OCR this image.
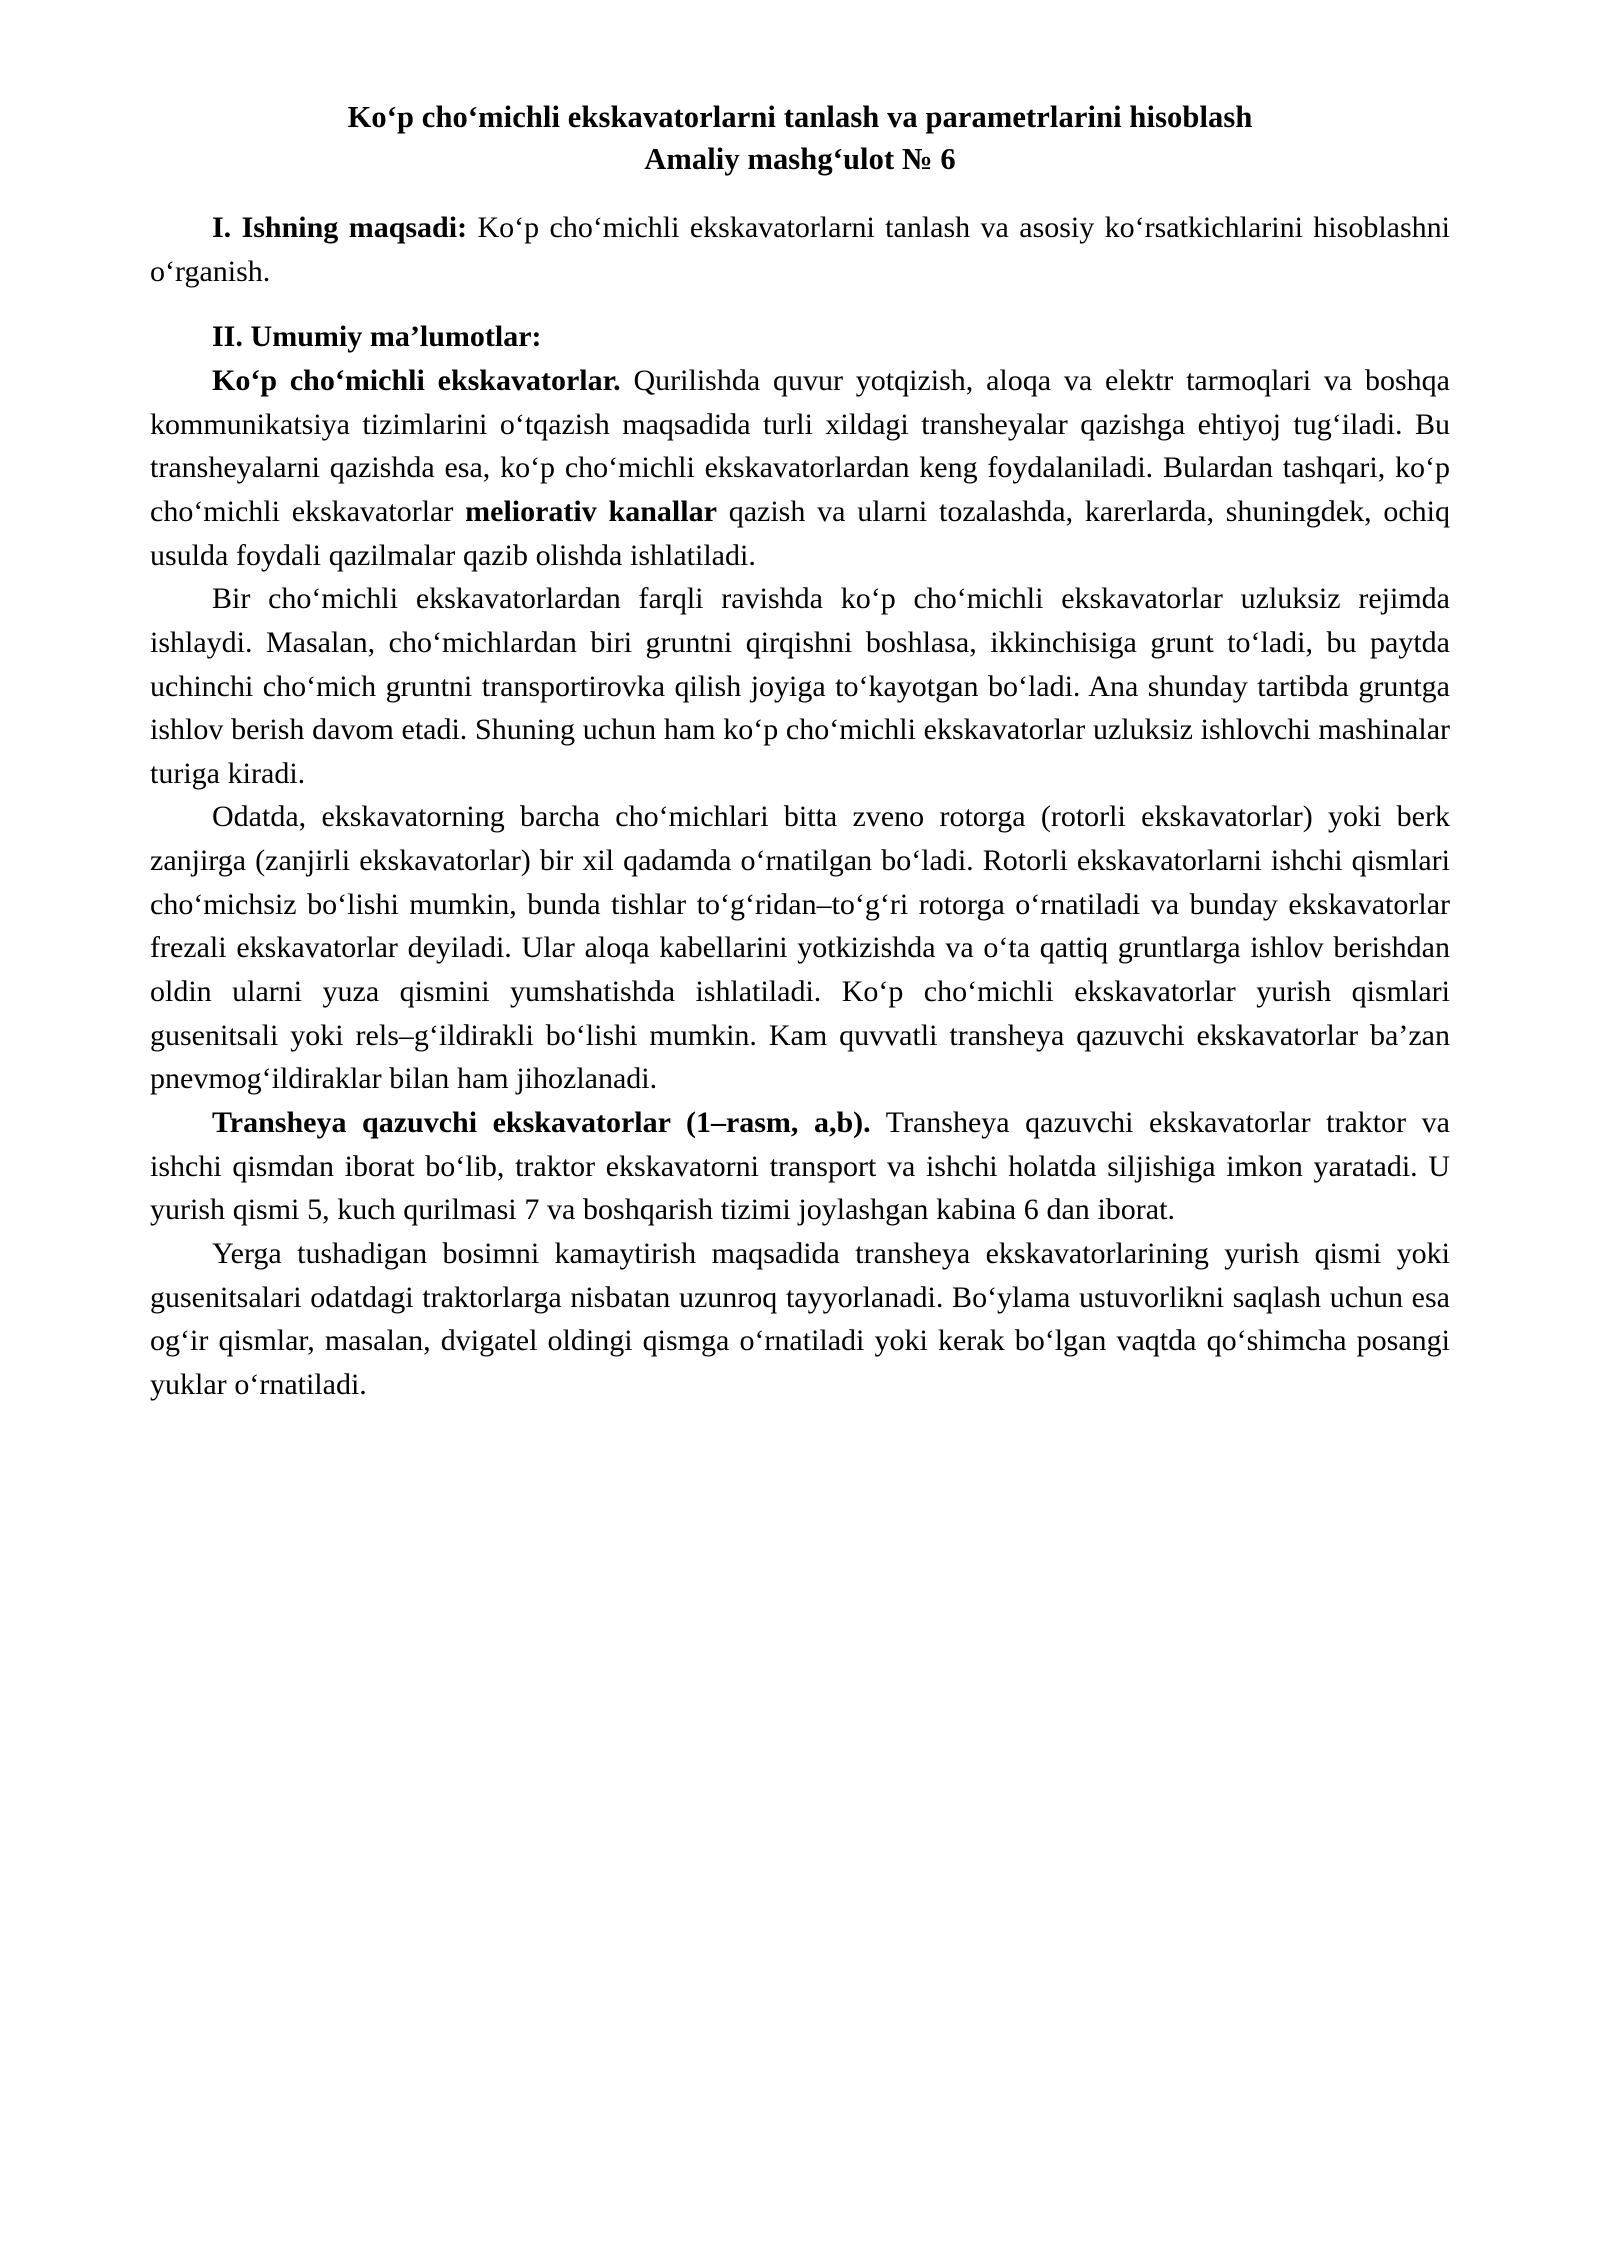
Ko‘p cho‘michli ekskavatorlarni tanlash va parametrlarini hisoblash
Amaliy mashg‘ulot № 6

I. Ishning maqsadi: Ko‘p cho‘michli ekskavatorlarni tanlash va asosiy ko‘rsatkichlarini hisoblashni o‘rganish.

II. Umumiy ma’lumotlar:

Ko‘p cho‘michli ekskavatorlar. Qurilishda quvur yotqizish, aloqa va elektr tarmoqlari va boshqa kommunikatsiya tizimlarini o‘tqazish maqsadida turli xildagi transheyalar qazishga ehtiyoj tug‘iladi. Bu transheyalarni qazishda esa, ko‘p cho‘michli ekskavatorlardan keng foydalaniladi. Bulardan tashqari, ko‘p cho‘michli ekskavatorlar meliorativ kanallar qazish va ularni tozalashda, karerlarda, shuningdek, ochiq usulda foydali qazilmalar qazib olishda ishlatiladi.

Bir cho‘michli ekskavatorlardan farqli ravishda ko‘p cho‘michli ekskavatorlar uzluksiz rejimda ishlaydi. Masalan, cho‘michlardan biri gruntni qirqishni boshlasa, ikkinchisiga grunt to‘ladi, bu paytda uchinchi cho‘mich gruntni transportirovka qilish joyiga to‘kayotgan bo‘ladi. Ana shunday tartibda gruntga ishlov berish davom etadi. Shuning uchun ham ko‘p cho‘michli ekskavatorlar uzluksiz ishlovchi mashinalar turiga kiradi.

Odatda, ekskavatorning barcha cho‘michlari bitta zveno rotorga (rotorli ekskavatorlar) yoki berk zanjirga (zanjirli ekskavatorlar) bir xil qadamda o‘rnatilgan bo‘ladi. Rotorli ekskavatorlarni ishchi qismlari cho‘michsiz bo‘lishi mumkin, bunda tishlar to‘g‘ridan–to‘g‘ri rotorga o‘rnatiladi va bunday ekskavatorlar frezali ekskavatorlar deyiladi. Ular aloqa kabellarini yotkizishda va o‘ta qattiq gruntlarga ishlov berishdan oldin ularni yuza qismini yumshatishda ishlatiladi. Ko‘p cho‘michli ekskavatorlar yurish qismlari gusenitsali yoki rels–g‘ildirakli bo‘lishi mumkin. Kam quvvatli transheya qazuvchi ekskavatorlar ba’zan pnevmog‘ildiraklar bilan ham jihozlanadi.

Transheya qazuvchi ekskavatorlar (1–rasm, a,b). Transheya qazuvchi ekskavatorlar traktor va ishchi qismdan iborat bo‘lib, traktor ekskavatorni transport va ishchi holatda siljishiga imkon yaratadi. U yurish qismi 5, kuch qurilmasi 7 va boshqarish tizimi joylashgan kabina 6 dan iborat.

Yerga tushadigan bosimni kamaytirish maqsadida transheya ekskavatorlarining yurish qismi yoki gusenitsalari odatdagi traktorlarga nisbatan uzunroq tayyorlanadi. Bo‘ylama ustuvorlikni saqlash uchun esa og‘ir qismlar, masalan, dvigatel oldingi qismga o‘rnatiladi yoki kerak bo‘lgan vaqtda qo‘shimcha posangi yuklar o‘rnatiladi.
